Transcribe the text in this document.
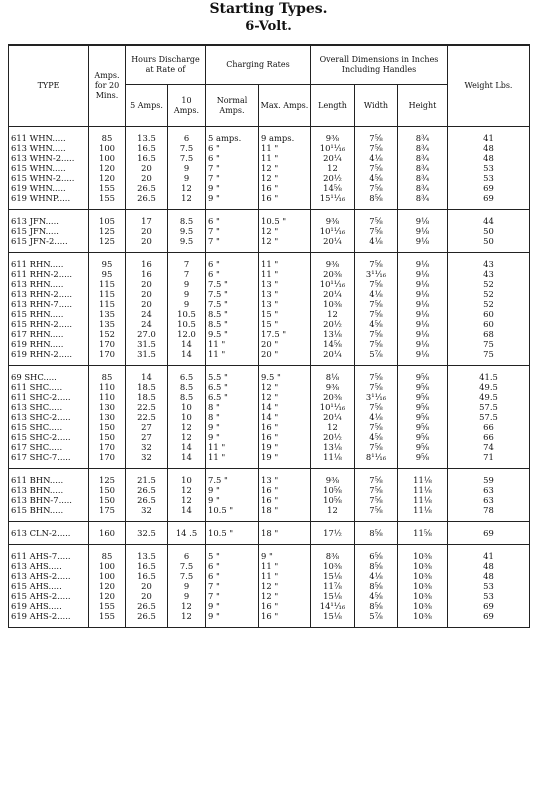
Starting Types.
6-Volt.
TYPE	Amps. for 20 Mins.	Hours Discharge at Rate of		Charging Rates		Overall Dimensions in Inches Including Handles			Weight Lbs.
		5 Amps.	10 Amps.	Normal Amps.	Max. Amps.	Length	Width	Height	
611 WHN.....	85	13.5	6	5 amps.	9 amps.	9⅜	7⅝	8¾	41
613 WHN.....	100	16.5	7.5	6 "	11 "	10¹¹⁄₁₆	7⅝	8¾	48
613 WHN-2.....	100	16.5	7.5	6 "	11 "	20¼	4⅛	8¾	48
615 WHN.....	120	20	9	7 "	12 "	12	7⅝	8¾	53
615 WHN-2.....	120	20	9	7 "	12 "	20½	4⅝	8¾	53
619 WHN.....	155	26.5	12	9 "	16 "	14⅝	7⅝	8¾	69
619 WHNP.....	155	26.5	12	9 "	16 "	15¹¹⁄₁₆	8⅝	8¾	69
613 JFN.....	105	17	8.5	6 "	10.5 "	9⅜	7⅝	9⅛	44
615 JFN.....	125	20	9.5	7 "	12 "	10¹¹⁄₁₆	7⅝	9⅛	50
615 JFN-2.....	125	20	9.5	7 "	12 "	20¼	4⅛	9⅛	50
611 RHN.....	95	16	7	6 "	11 "	9⅜	7⅝	9⅛	43
611 RHN-2.....	95	16	7	6 "	11 "	20⅜	3¹¹⁄₁₆	9⅛	43
613 RHN.....	115	20	9	7.5 "	13 "	10¹¹⁄₁₆	7⅝	9⅛	52
613 RHN-2.....	115	20	9	7.5 "	13 "	20¼	4⅛	9⅛	52
613 RHN-7.....	115	20	9	7.5 "	13 "	10⅜	7⅝	9⅛	52
615 RHN.....	135	24	10.5	8.5 "	15 "	12	7⅝	9⅛	60
615 RHN-2.....	135	24	10.5	8.5 "	15 "	20½	4⅝	9⅛	60
617 RHN.....	152	27.0	12.0	9.5 "	17.5 "	13⅛	7⅝	9⅛	68
619 RHN.....	170	31.5	14	11 "	20 "	14⅝	7⅝	9⅛	75
619 RHN-2.....	170	31.5	14	11 "	20 "	20¼	5⅞	9⅛	75
69 SHC.....	85	14	6.5	5.5 "	9.5 "	8⅛	7⅝	9⅝	41.5
611 SHC.....	110	18.5	8.5	6.5 "	12 "	9⅜	7⅝	9⅝	49.5
611 SHC-2.....	110	18.5	8.5	6.5 "	12 "	20⅜	3¹¹⁄₁₆	9⅝	49.5
613 SHC.....	130	22.5	10	8 "	14 "	10¹¹⁄₁₆	7⅝	9⅝	57.5
613 SHC-2.....	130	22.5	10	8 "	14 "	20¼	4⅛	9⅝	57.5
615 SHC.....	150	27	12	9 "	16 "	12	7⅝	9⅝	66
615 SHC-2.....	150	27	12	9 "	16 "	20½	4⅝	9⅝	66
617 SHC.....	170	32	14	11 "	19 "	13⅛	7⅝	9⅝	74
617 SHC-7.....	170	32	14	11 "	19 "	11⅛	8¹¹⁄₁₆	9⅝	71
611 BHN.....	125	21.5	10	7.5 "	13 "	9⅜	7⅝	11⅛	59
613 BHN.....	150	26.5	12	9 "	16 "	10⅝	7⅝	11⅛	63
613 BHN-7.....	150	26.5	12	9 "	16 "	10⅝	7⅝	11⅛	63
615 BHN.....	175	32	14	10.5 "	18 "	12	7⅝	11⅛	78
613 CLN-2.....	160	32.5	14 .5	10.5 "	18 "	17½	8⅝	11⅝	69
611 AHS-7.....	85	13.5	6	5 "	9 "	8⅜	6⅝	10⅜	41
613 AHS.....	100	16.5	7.5	6 "	11 "	10⅜	8⅝	10⅜	48
613 AHS-2.....	100	16.5	7.5	6 "	11 "	15⅛	4⅛	10⅜	48
615 AHS.....	120	20	9	7 "	12 "	11⅞	8⅝	10⅜	53
615 AHS-2.....	120	20	9	7 "	12 "	15⅛	4⅝	10⅜	53
619 AHS.....	155	26.5	12	9 "	16 "	14¹¹⁄₁₆	8⅝	10⅜	69
619 AHS-2.....	155	26.5	12	9 "	16 "	15⅛	5⅞	10⅜	69
